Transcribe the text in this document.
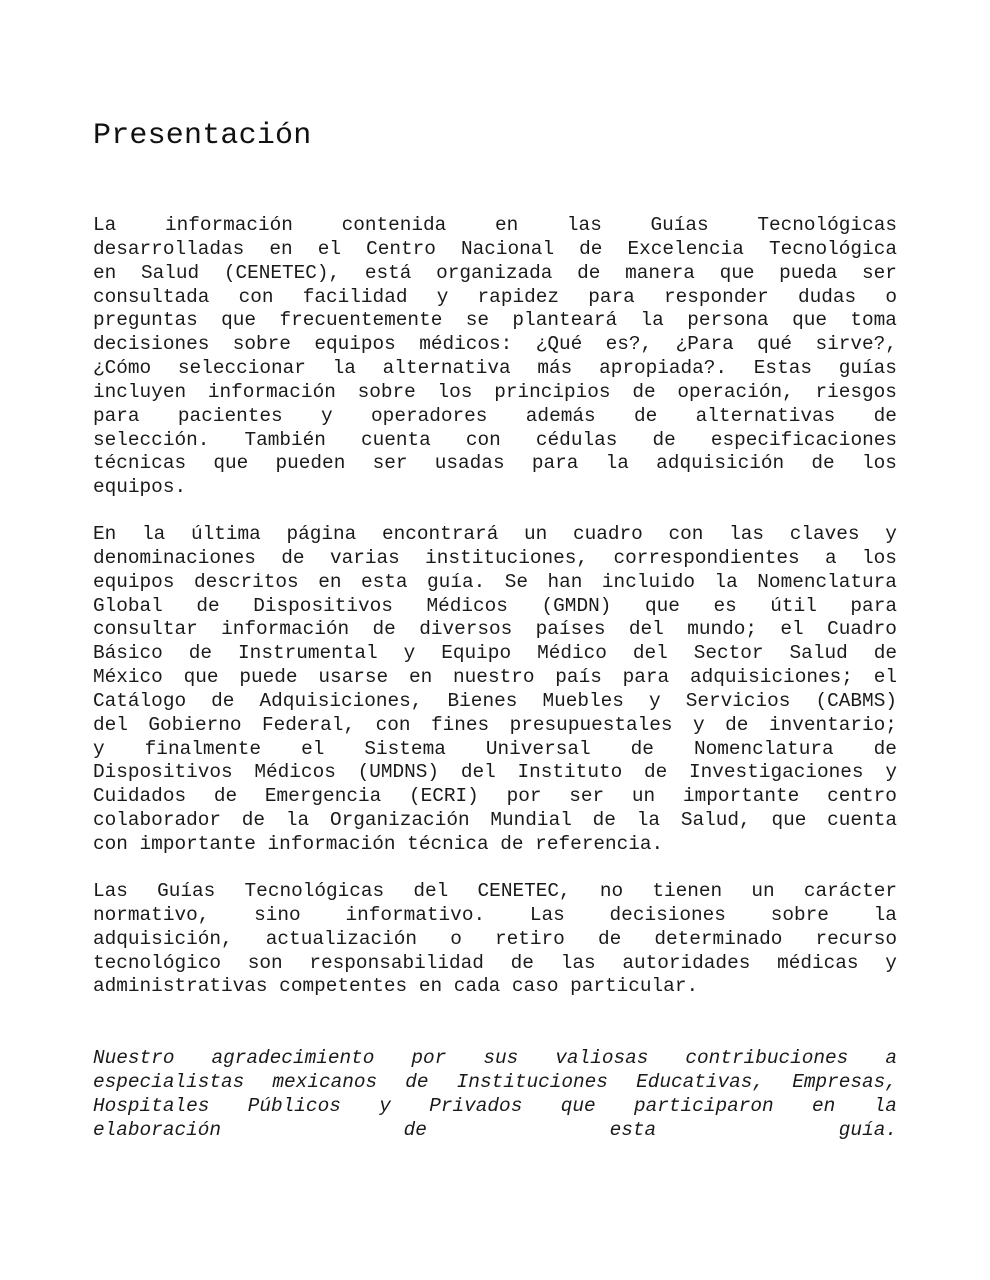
Presentación
La	información	contenida	en	las	Guías	Tecnológicas
desarrolladas en el Centro Nacional de Excelencia Tecnológica
en Salud (CENETEC), está organizada de manera que pueda ser
consultada con facilidad y rapidez para responder dudas o
preguntas que frecuentemente se planteará la persona que toma
decisiones sobre equipos médicos: ¿Qué es?, ¿Para qué sirve?,
¿Cómo seleccionar la alternativa más apropiada?. Estas guías
incluyen información sobre los principios de operación, riesgos
para pacientes y operadores además de alternativas de
selección. También cuenta con cédulas de especificaciones
técnicas que pueden ser usadas para la adquisición de los
equipos.
En la última página encontrará un cuadro con las claves y
denominaciones de varias instituciones, correspondientes a los
equipos descritos en esta guía. Se han incluido la Nomenclatura
Global de Dispositivos Médicos (GMDN) que es útil para
consultar información de diversos países del mundo; el Cuadro
Básico de Instrumental y Equipo Médico del Sector Salud de
México que puede usarse en nuestro país para adquisiciones; el
Catálogo de Adquisiciones, Bienes Muebles y Servicios (CABMS)
del Gobierno Federal, con fines presupuestales y de inventario;
y finalmente el Sistema Universal de Nomenclatura de
Dispositivos Médicos (UMDNS) del Instituto de Investigaciones y
Cuidados de Emergencia (ECRI) por ser un importante centro
colaborador de la Organización Mundial de la Salud, que cuenta
con importante información técnica de referencia.
Las Guías Tecnológicas del CENETEC, no tienen un carácter
normativo, sino informativo. Las decisiones sobre la
adquisición, actualización o retiro de determinado recurso
tecnológico son responsabilidad de las autoridades médicas y
administrativas competentes en cada caso particular.
Nuestro agradecimiento por sus valiosas contribuciones a
especialistas mexicanos de Instituciones Educativas, Empresas,
Hospitales Públicos y Privados que participaron en la
elaboración	de	esta	guía.
